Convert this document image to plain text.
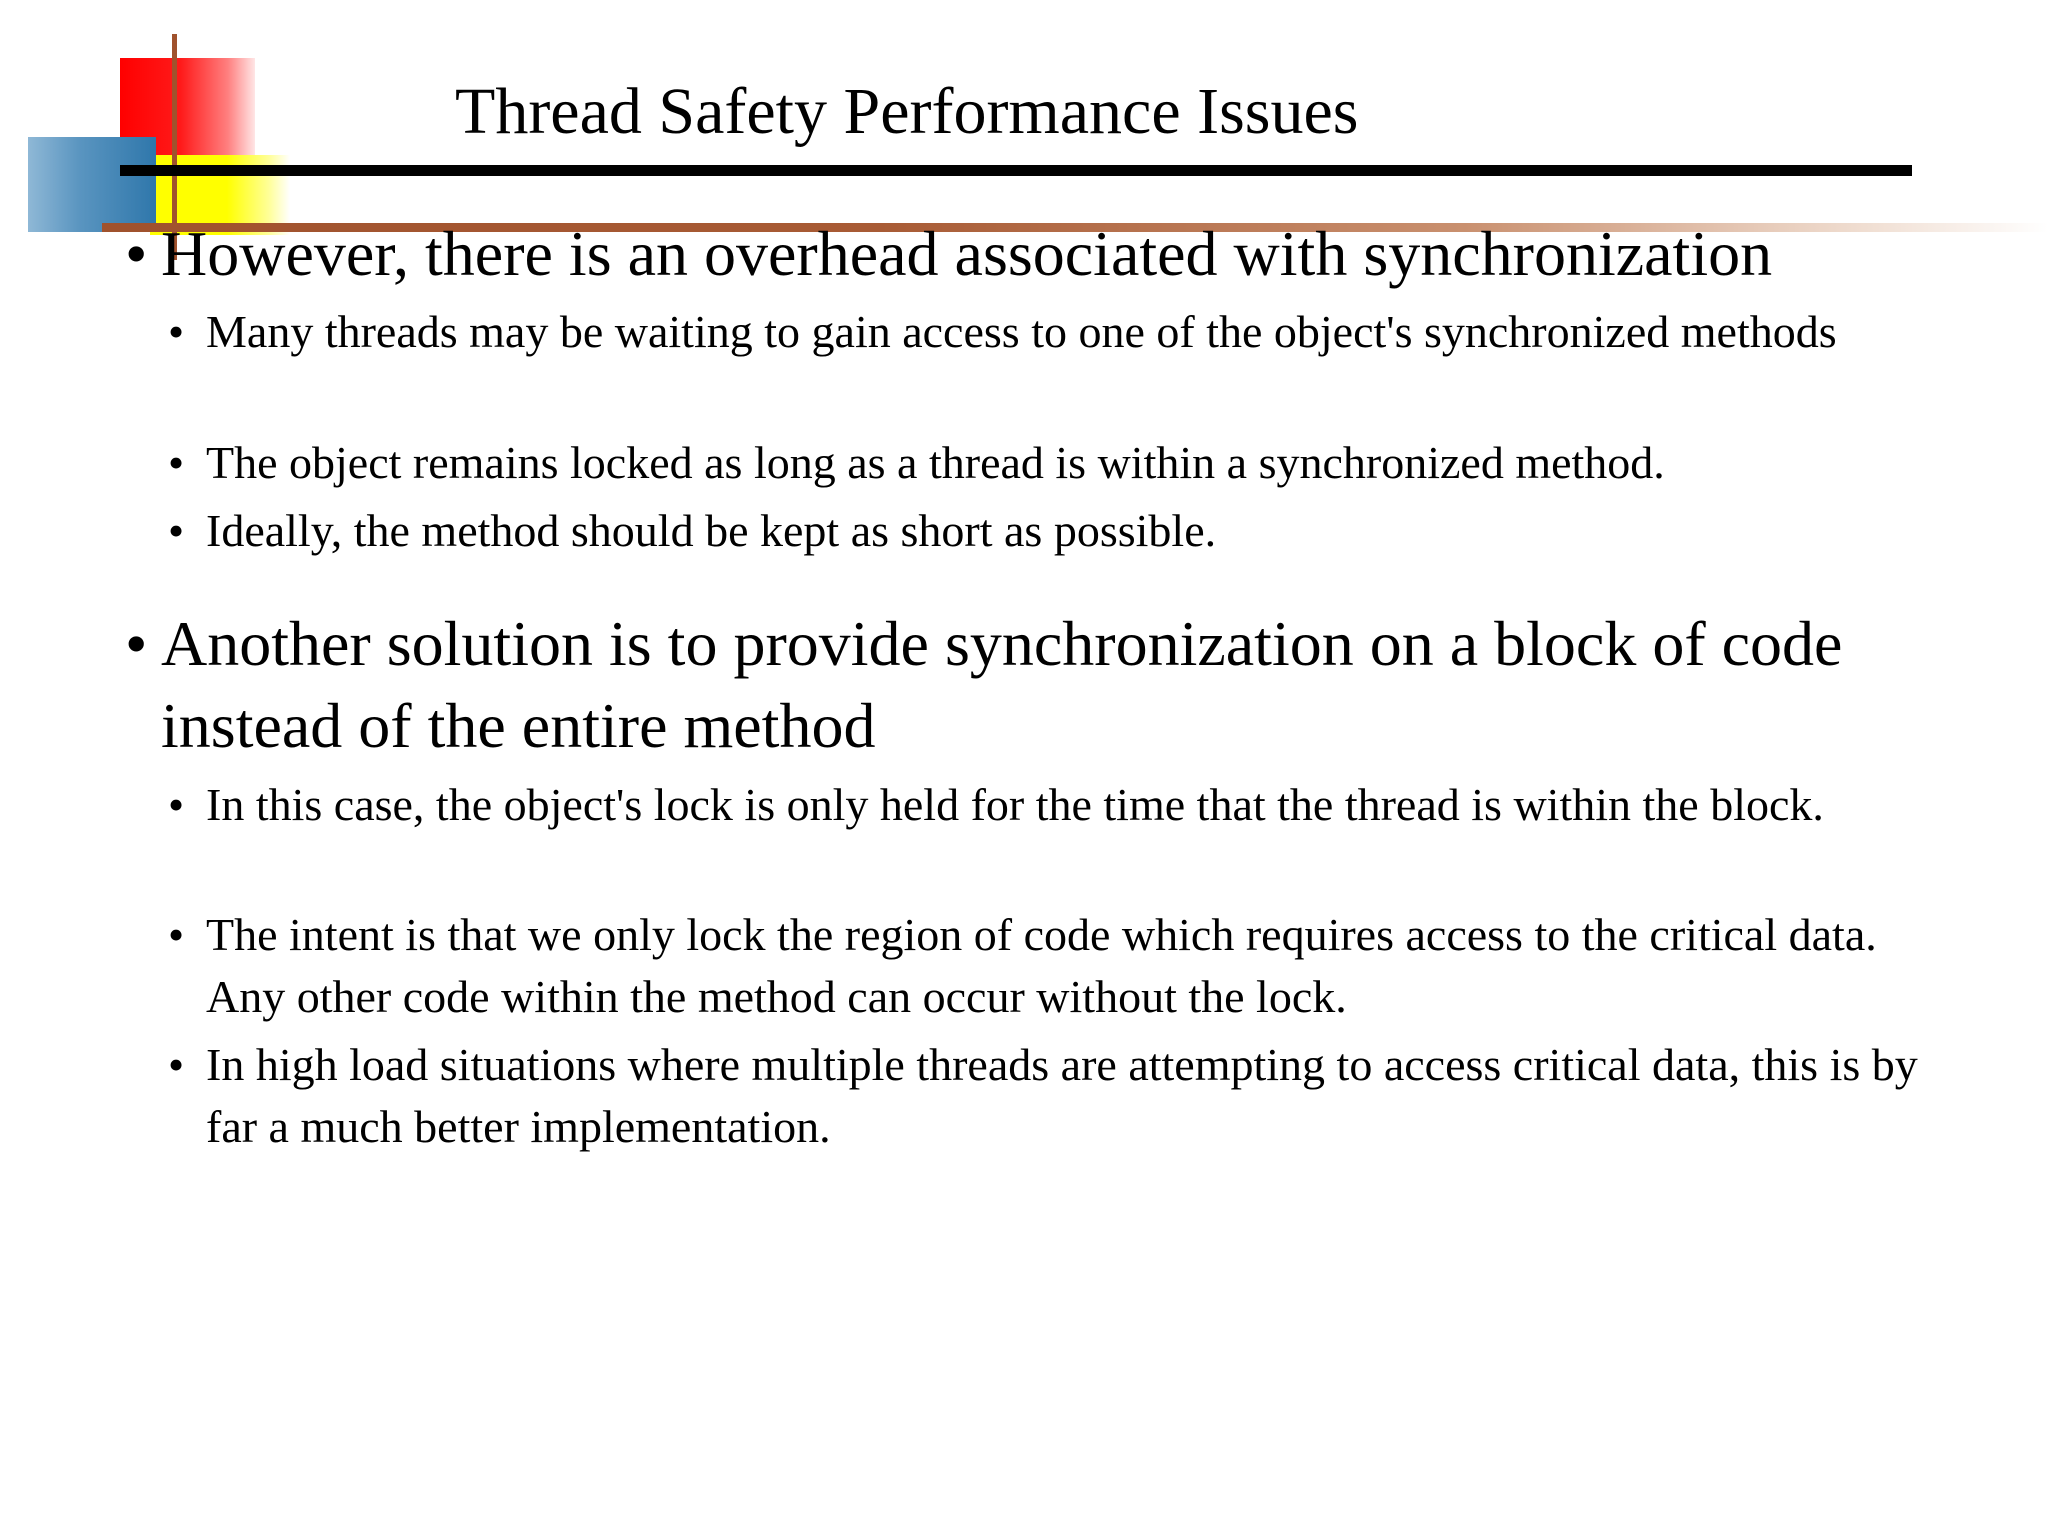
Thread Safety Performance Issues
• However, there is an overhead associated with synchronization
• Many threads may be waiting to gain access to one of the object's synchronized methods
• The object remains locked as long as a thread is within a synchronized method.
• Ideally, the method should be kept as short as possible.
• Another solution is to provide synchronization on a block of code instead of the entire method
• In this case, the object's lock is only held for the time that the thread is within the block.
• The intent is that we only lock the region of code which requires access to the critical data. Any other code within the method can occur without the lock.
• In high load situations where multiple threads are attempting to access critical data, this is by far a much better implementation.
